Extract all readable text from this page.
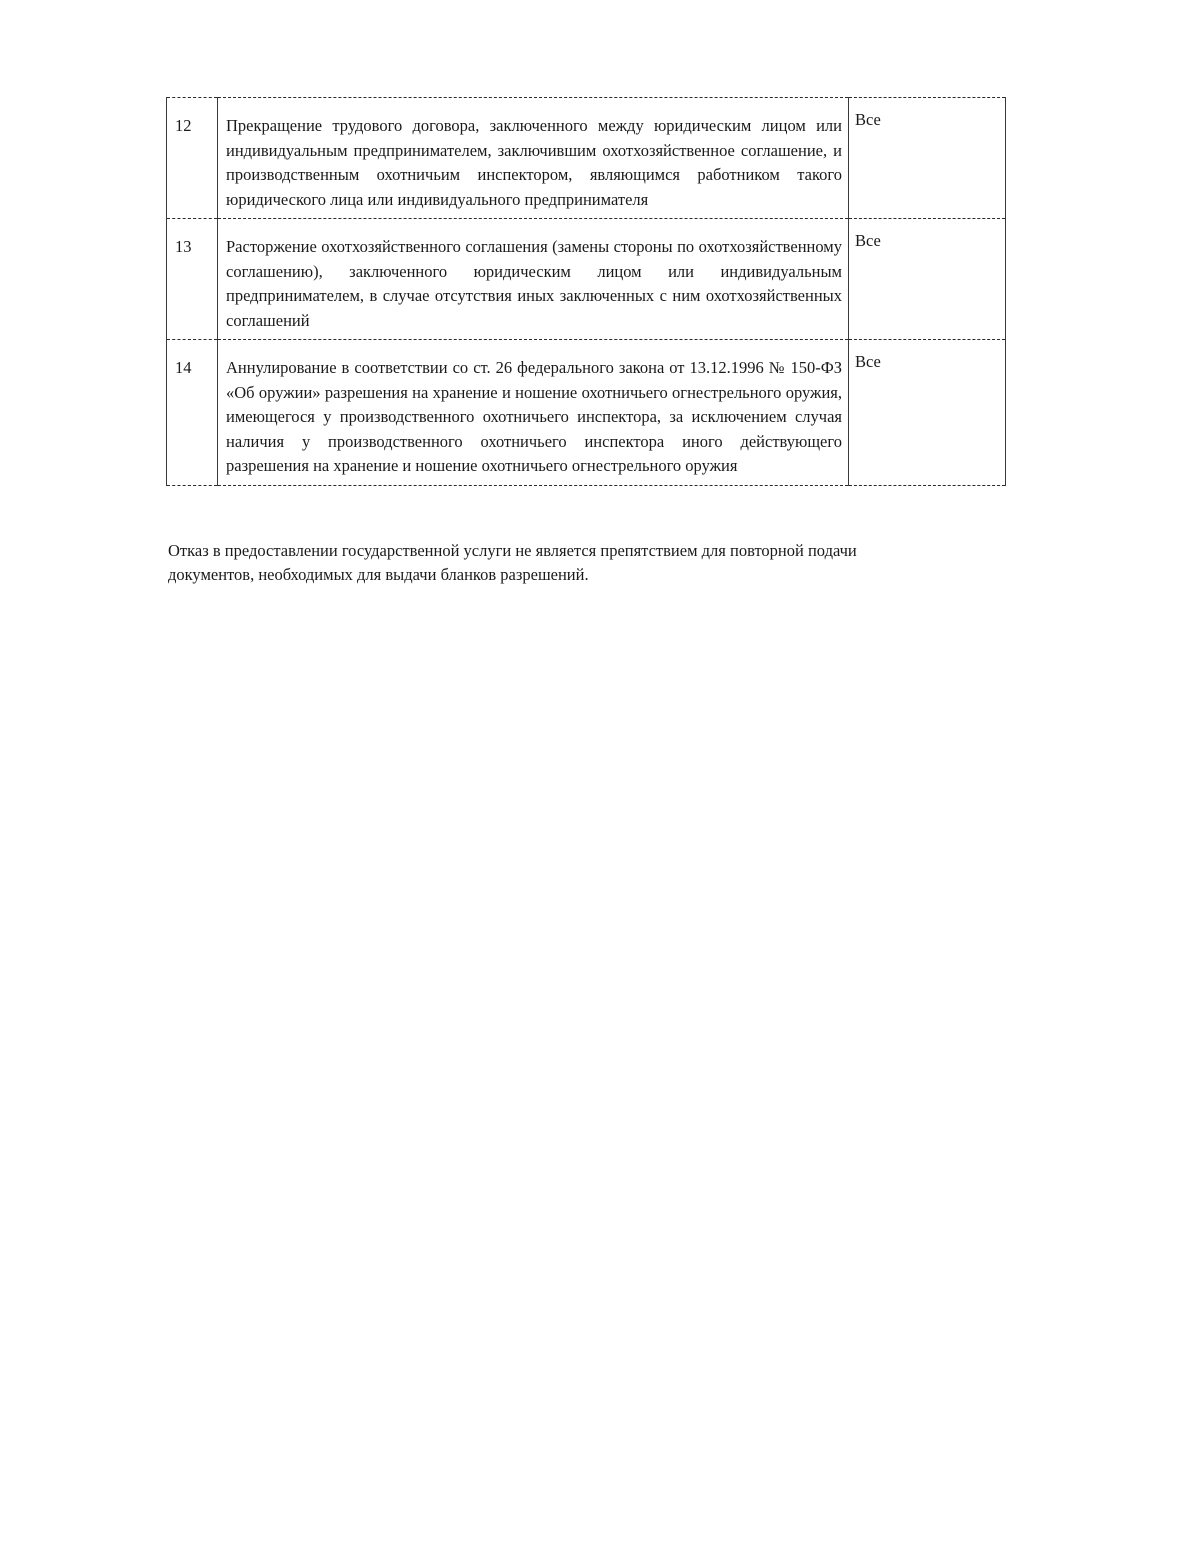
12	Прекращение трудового договора, заключенного между юридическим лицом или индивидуальным предпринимателем, заключившим охотхозяйственное соглашение, и производственным охотничьим инспектором, являющимся работником такого юридического лица или индивидуального предпринимателя	Все

13	Расторжение охотхозяйственного соглашения (замены стороны по охотхозяйственному соглашению), заключенного юридическим лицом или индивидуальным предпринимателем, в случае отсутствия иных заключенных с ним охотхозяйственных соглашений	Все

14	Аннулирование в соответствии со ст. 26 федерального закона от 13.12.1996 № 150-ФЗ «Об оружии» разрешения на хранение и ношение охотничьего огнестрельного оружия, имеющегося у производственного охотничьего инспектора, за исключением случая наличия у производственного охотничьего инспектора иного действующего разрешения на хранение и ношение охотничьего огнестрельного оружия	Все
Отказ в предоставлении государственной услуги не является препятствием для повторной подачи
документов, необходимых для выдачи бланков разрешений.
